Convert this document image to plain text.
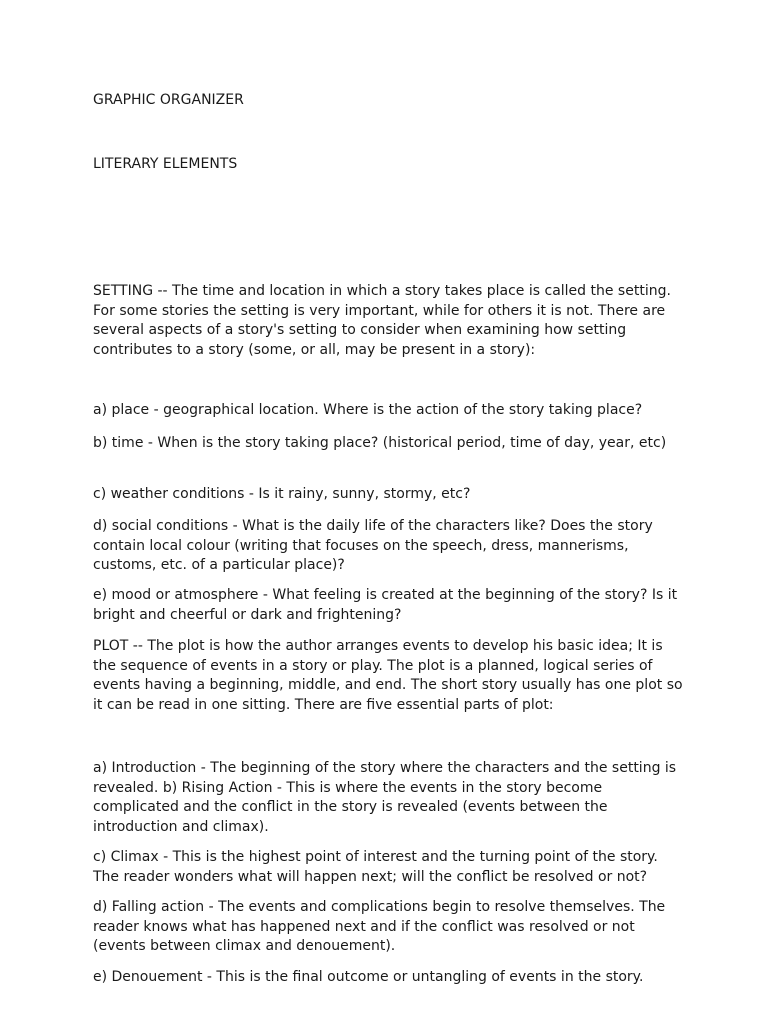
GRAPHIC ORGANIZER

LITERARY ELEMENTS

SETTING -- The time and location in which a story takes place is called the setting. For some stories the setting is very important, while for others it is not. There are several aspects of a story's setting to consider when examining how setting contributes to a story (some, or all, may be present in a story):

a) place - geographical location. Where is the action of the story taking place?

b) time - When is the story taking place? (historical period, time of day, year, etc)

c) weather conditions - Is it rainy, sunny, stormy, etc?

d) social conditions - What is the daily life of the characters like? Does the story contain local colour (writing that focuses on the speech, dress, mannerisms, customs, etc. of a particular place)?

e) mood or atmosphere - What feeling is created at the beginning of the story? Is it bright and cheerful or dark and frightening?

PLOT -- The plot is how the author arranges events to develop his basic idea; It is the sequence of events in a story or play. The plot is a planned, logical series of events having a beginning, middle, and end. The short story usually has one plot so it can be read in one sitting. There are five essential parts of plot:

a) Introduction - The beginning of the story where the characters and the setting is revealed. b) Rising Action - This is where the events in the story become complicated and the conflict in the story is revealed (events between the introduction and climax).

c) Climax - This is the highest point of interest and the turning point of the story. The reader wonders what will happen next; will the conflict be resolved or not?

d) Falling action - The events and complications begin to resolve themselves. The reader knows what has happened next and if the conflict was resolved or not (events between climax and denouement).

e) Denouement - This is the final outcome or untangling of events in the story.
